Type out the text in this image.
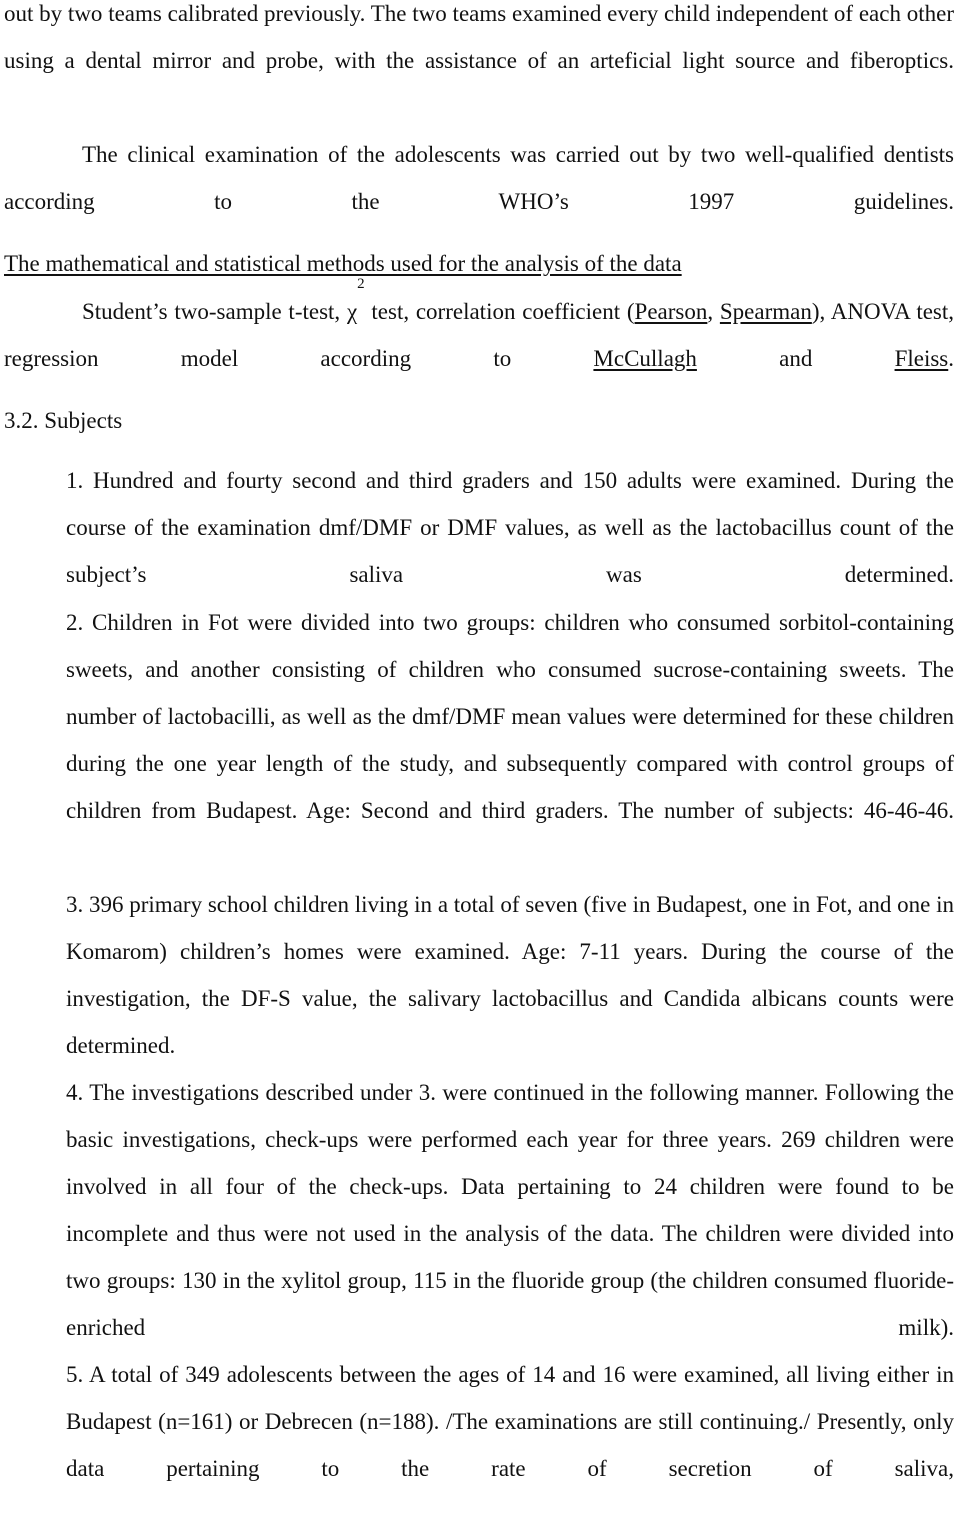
out by two teams calibrated previously. The two teams examined every child independent of each other using a dental mirror and probe, with the assistance of an arteficial light source and fiberoptics.

The clinical examination of the adolescents was carried out by two well-qualified dentists according to the WHO’s 1997 guidelines.

The mathematical and statistical methods used for the analysis of the data

Student’s two-sample t-test, $\chi^2$ test, correlation coefficient (Pearson, Spearman), ANOVA test, regression model according to McCullagh and Fleiss.

3.2. Subjects

1. Hundred and fourty second and third graders and 150 adults were examined. During the course of the examination dmf/DMF or DMF values, as well as the lactobacillus count of the subject’s saliva was determined.

2. Children in Fot were divided into two groups: children who consumed sorbitol-containing sweets, and another consisting of children who consumed sucrose-containing sweets. The number of lactobacilli, as well as the dmf/DMF mean values were determined for these children during the one year length of the study, and subsequently compared with control groups of children from Budapest. Age: Second and third graders. The number of subjects: 46-46-46.

3. 396 primary school children living in a total of seven (five in Budapest, one in Fot, and one in Komarom) children’s homes were examined. Age: 7-11 years. During the course of the investigation, the DF-S value, the salivary lactobacillus and Candida albicans counts were determined.

4. The investigations described under 3. were continued in the following manner. Following the basic investigations, check-ups were performed each year for three years. 269 children were involved in all four of the check-ups. Data pertaining to 24 children were found to be incomplete and thus were not used in the analysis of the data. The children were divided into two groups: 130 in the xylitol group, 115 in the fluoride group (the children consumed fluoride-enriched milk).

5. A total of 349 adolescents between the ages of 14 and 16 were examined, all living either in Budapest (n=161) or Debrecen (n=188). /The examinations are still continuing./ Presently, only data pertaining to the rate of secretion of saliva,
